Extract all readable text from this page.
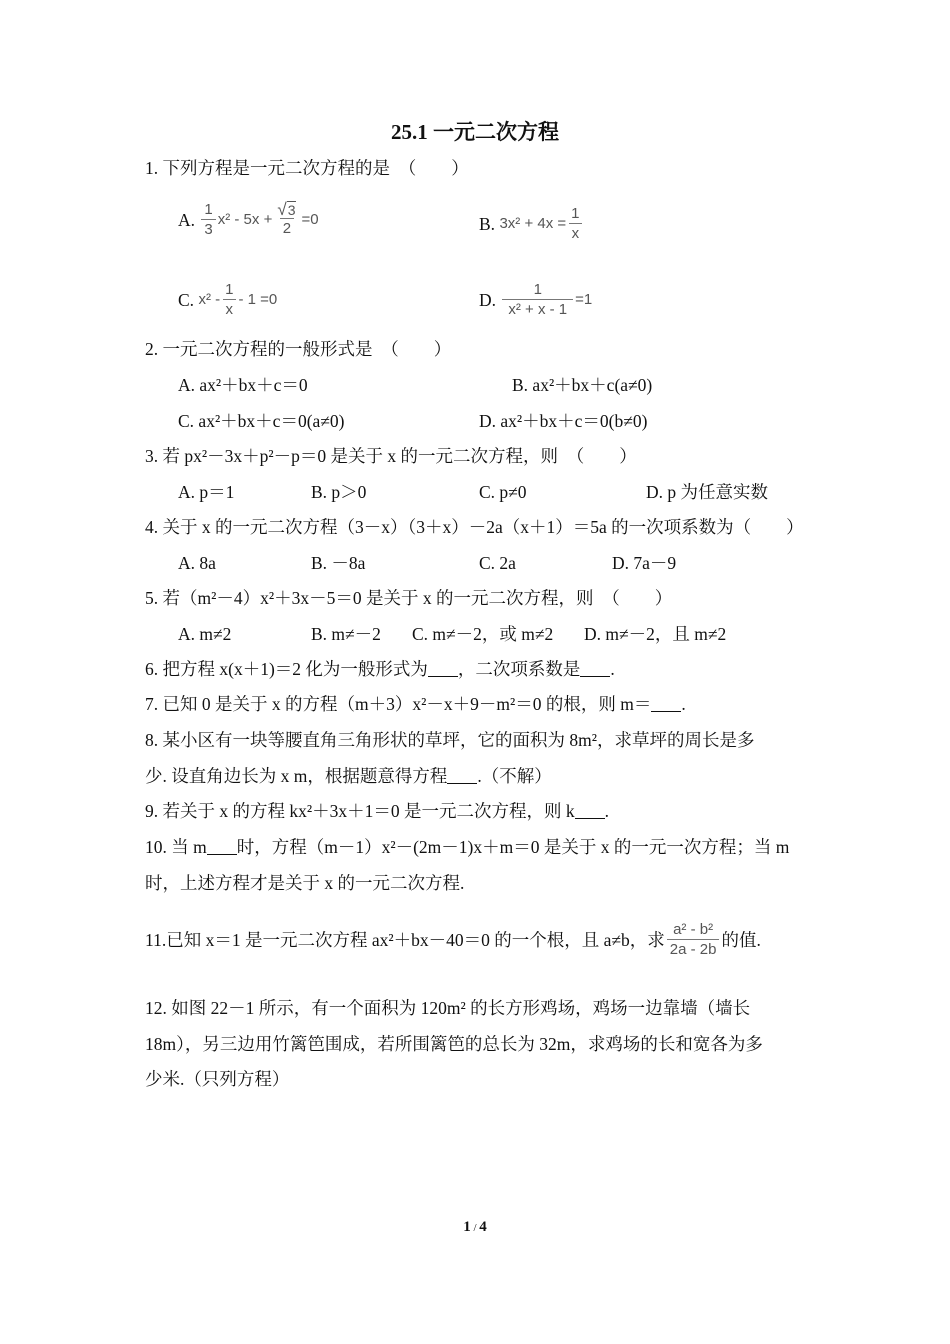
25.1 一元二次方程
1. 下列方程是一元二次方程的是　（　　）
A.
$\frac{1}{3} x^2 - 5x + \frac{√ 3}{2} =0$	B.
$3x^2 + 4x = \frac{1}{x}$
C.
$x^2 - \frac{1}{x} - 1 =0$	D.
$\frac{1}{\text{x² + x - 1}} =1$
2. 一元二次方程的一般形式是　（　　）
A. ax²＋bx＋c＝0	B. ax²＋bx＋c(a≠0)
C. ax²＋bx＋c＝0(a≠0)	D. ax²＋bx＋c＝0(b≠0)
3. 若 px²－3x＋p²－p＝0 是关于 x 的一元二次方程，则　（　　）
A. p＝1	B. p＞0	C. p≠0	D. p 为任意实数
4. 关于 x 的一元二次方程（3－x）（3＋x）－2a（x＋1）＝5a 的一次项系数为（　　）
A. 8a	B. －8a	C. 2a	D. 7a－9
5. 若（m²－4）x²＋3x－5＝0 是关于 x 的一元二次方程，则　（　　）
A. m≠2	B. m≠－2 C. m≠－2，或 m≠2 D. m≠－2，且 m≠2
6. 把方程 x(x＋1)＝2 化为一般形式为 ，二次项系数是 .
7. 已知 0 是关于 x 的方程（m＋3）x²－x＋9－m²＝0 的根，则 m＝ .
8. 某小区有一块等腰直角三角形状的草坪，它的面积为 8m²，求草坪的周长是多
少. 设直角边长为 x m，根据题意得方程 .（不解）
9. 若关于 x 的方程 kx²＋3x＋1＝0 是一元二次方程，则 k .
10. 当 m 时，方程（m－1）x²－(2m－1)x＋m＝0 是关于 x 的一元一次方程；当 m
时，上述方程才是关于 x 的一元二次方程.
11.已知 x＝1 是一元二次方程 ax²＋bx－40＝0 的一个根，且 a≠b，求 $\frac{\text{a² - b²}}{2a - 2b}$ 的值.
12. 如图 22－1 所示，有一个面积为 120m² 的长方形鸡场，鸡场一边靠墙（墙长
18m），另三边用竹篱笆围成，若所围篱笆的总长为 32m，求鸡场的长和宽各为多
少米.（只列方程）
1 / 4
